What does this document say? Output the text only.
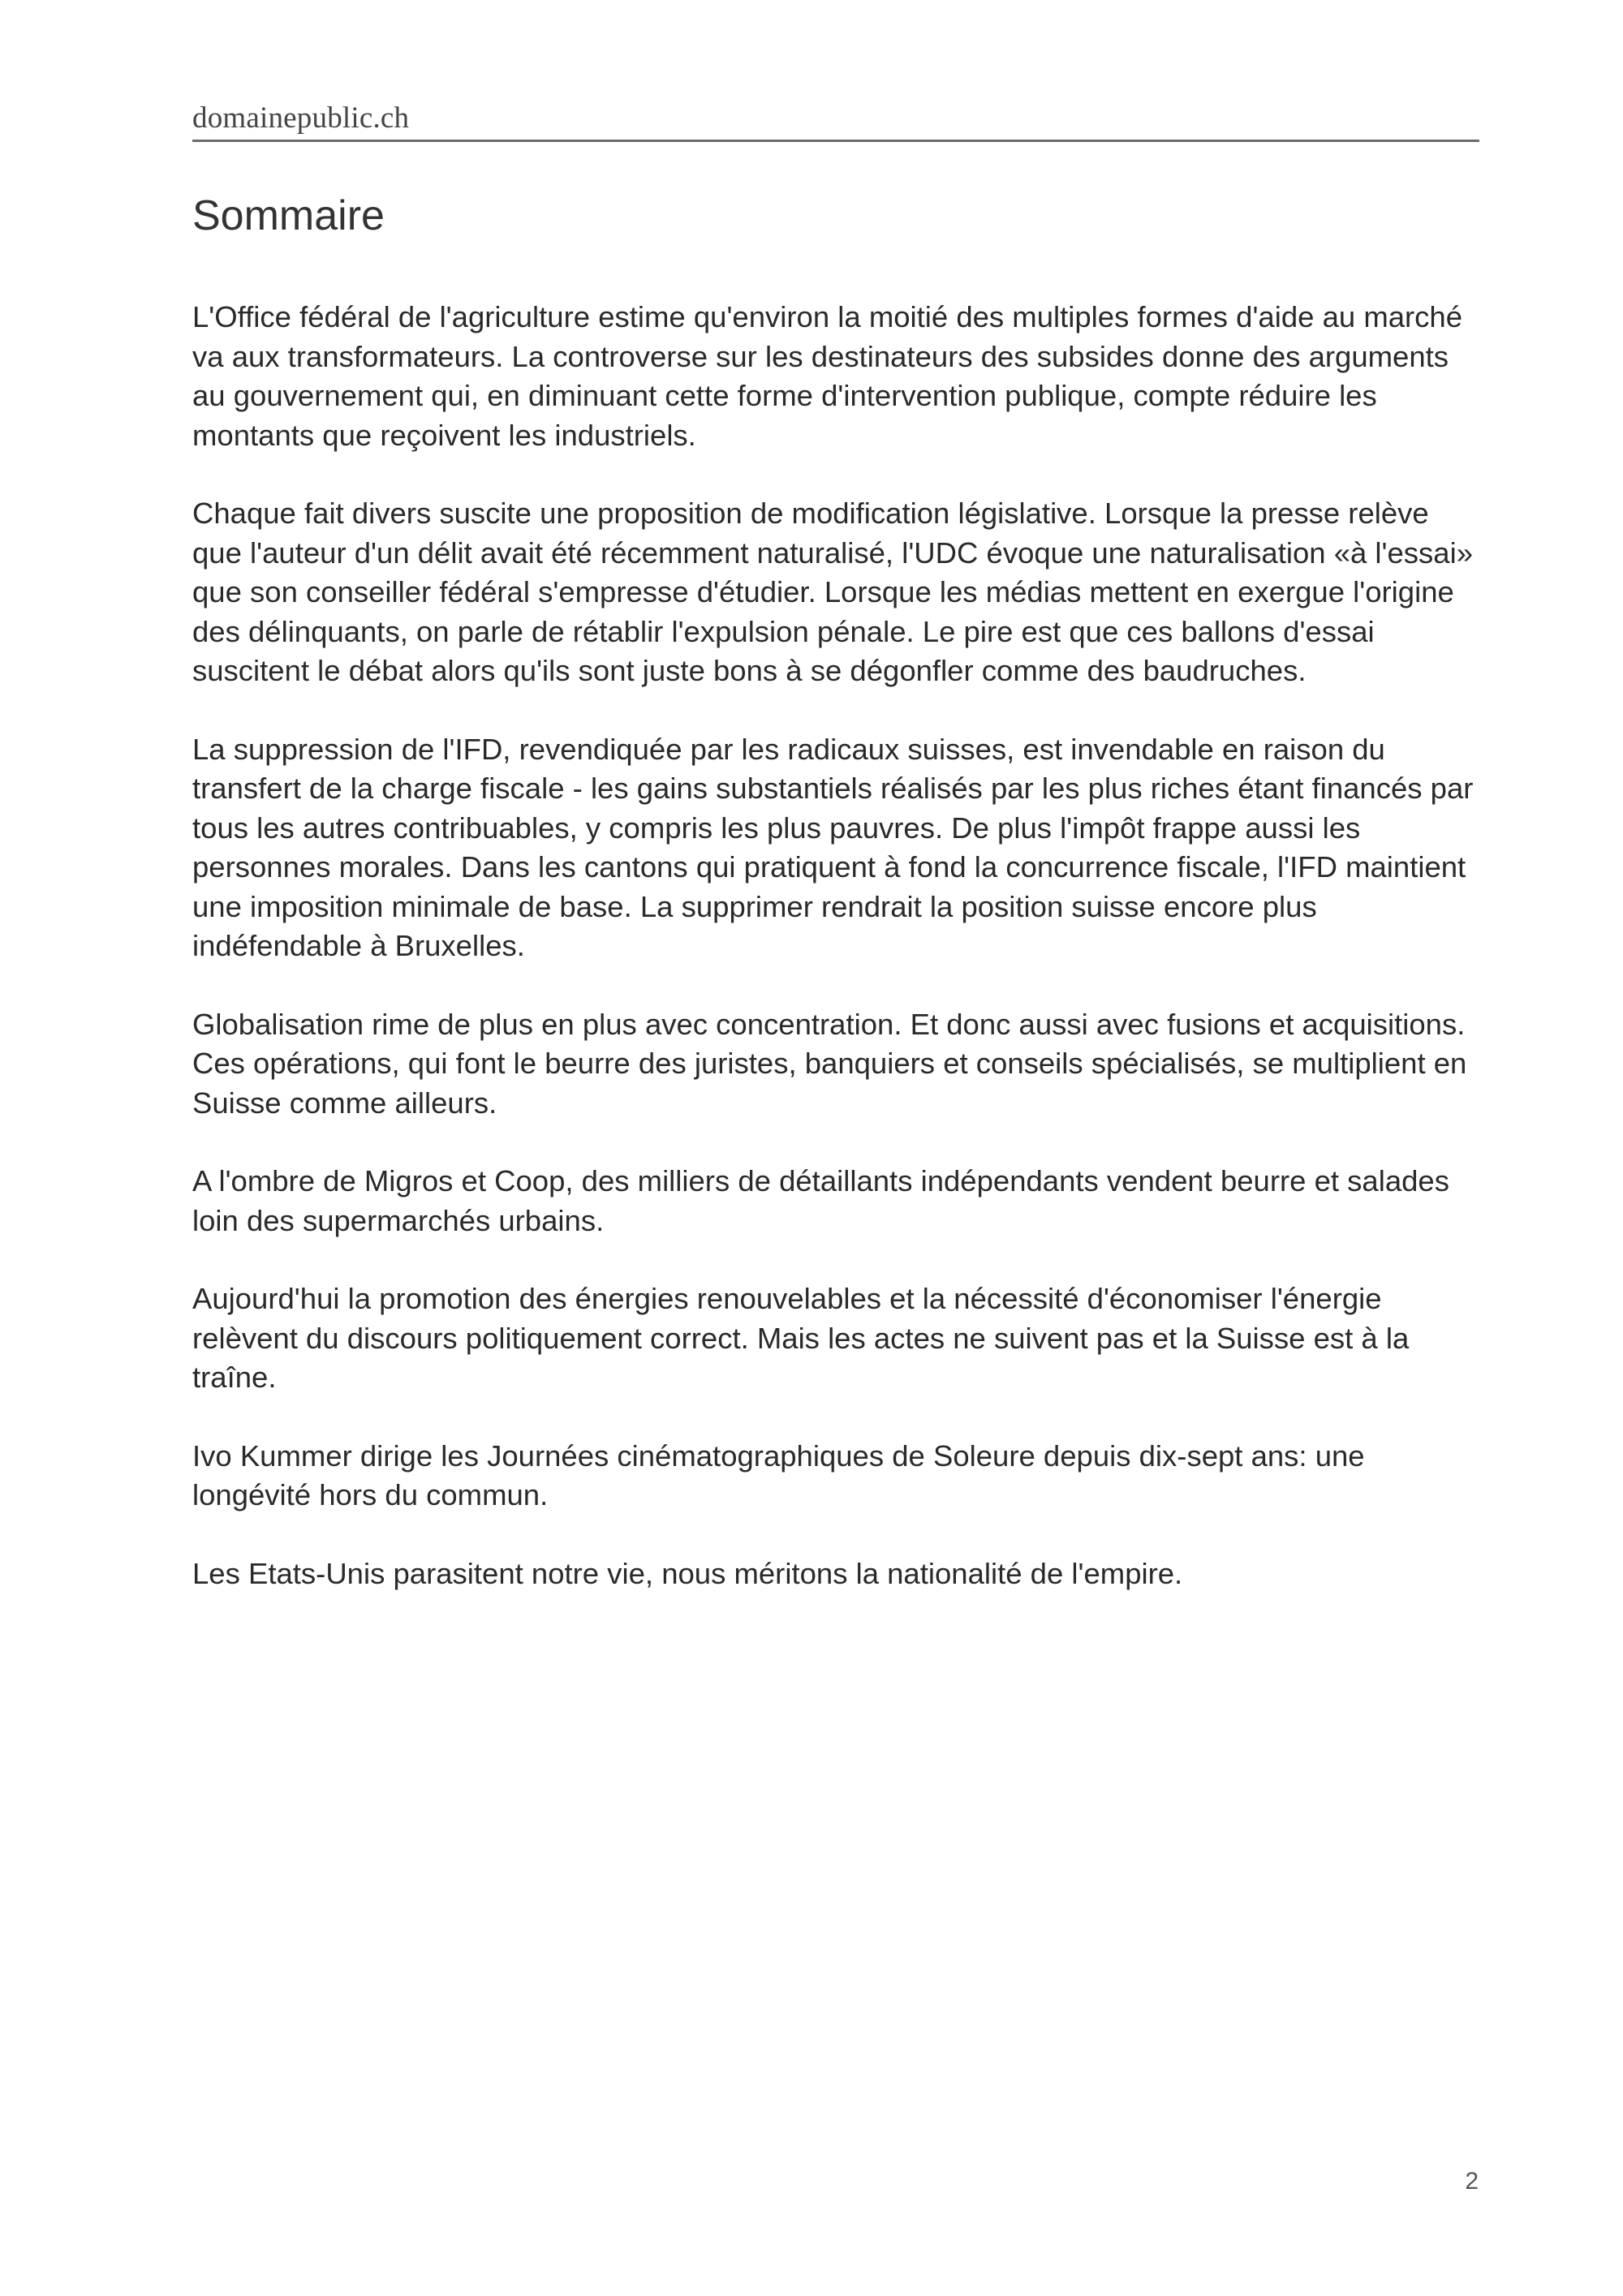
domainepublic.ch
Sommaire

L'Office fédéral de l'agriculture estime qu'environ la moitié des multiples formes d'aide au marché va aux transformateurs. La controverse sur les destinateurs des subsides donne des arguments au gouvernement qui, en diminuant cette forme d'intervention publique, compte réduire les montants que reçoivent les industriels.

Chaque fait divers suscite une proposition de modification législative. Lorsque la presse relève que l'auteur d'un délit avait été récemment naturalisé, l'UDC évoque une naturalisation «à l'essai» que son conseiller fédéral s'empresse d'étudier. Lorsque les médias mettent en exergue l'origine des délinquants, on parle de rétablir l'expulsion pénale. Le pire est que ces ballons d'essai suscitent le débat alors qu'ils sont juste bons à se dégonfler comme des baudruches.

La suppression de l'IFD, revendiquée par les radicaux suisses, est invendable en raison du transfert de la charge fiscale - les gains substantiels réalisés par les plus riches étant financés par tous les autres contribuables, y compris les plus pauvres. De plus l'impôt frappe aussi les personnes morales. Dans les cantons qui pratiquent à fond la concurrence fiscale, l'IFD maintient une imposition minimale de base. La supprimer rendrait la position suisse encore plus indéfendable à Bruxelles.

Globalisation rime de plus en plus avec concentration. Et donc aussi avec fusions et acquisitions. Ces opérations, qui font le beurre des juristes, banquiers et conseils spécialisés, se multiplient en Suisse comme ailleurs.

A l'ombre de Migros et Coop, des milliers de détaillants indépendants vendent beurre et salades loin des supermarchés urbains.

Aujourd'hui la promotion des énergies renouvelables et la nécessité d'économiser l'énergie relèvent du discours politiquement correct. Mais les actes ne suivent pas et la Suisse est à la traîne.

Ivo Kummer dirige les Journées cinématographiques de Soleure depuis dix-sept ans: une longévité hors du commun.

Les Etats-Unis parasitent notre vie, nous méritons la nationalité de l'empire.

2
